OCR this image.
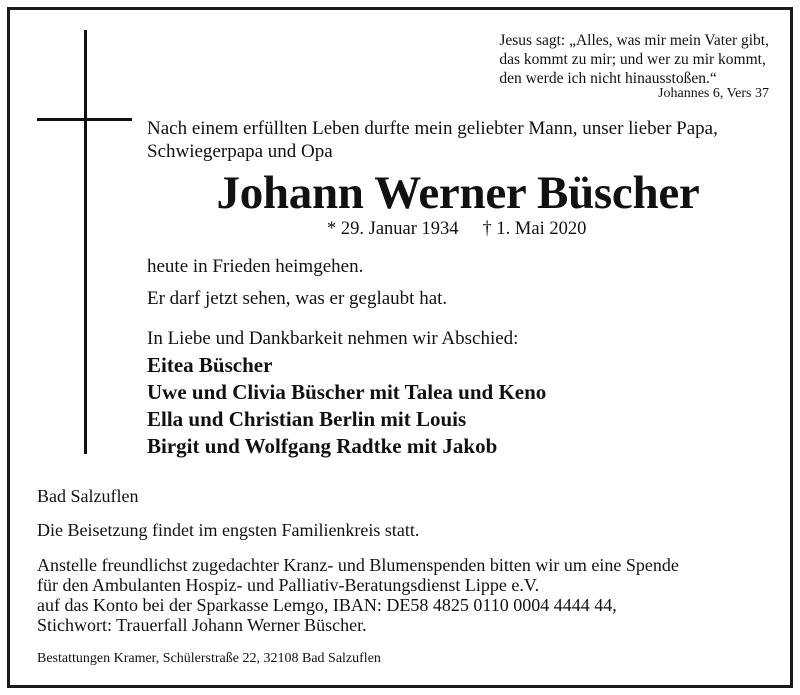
Jesus sagt: „Alles, was mir mein Vater gibt,
das kommt zu mir; und wer zu mir kommt,
den werde ich nicht hinausstoßen.“
Johannes 6, Vers 37
Nach einem erfüllten Leben durfte mein geliebter Mann, unser lieber Papa,
Schwiegerpapa und Opa
Johann Werner Büscher
* 29. Januar 1934 † 1. Mai 2020
heute in Frieden heimgehen.
Er darf jetzt sehen, was er geglaubt hat.
In Liebe und Dankbarkeit nehmen wir Abschied:
Eitea Büscher
Uwe und Clivia Büscher mit Talea und Keno
Ella und Christian Berlin mit Louis
Birgit und Wolfgang Radtke mit Jakob
Bad Salzuflen
Die Beisetzung findet im engsten Familienkreis statt.
Anstelle freundlichst zugedachter Kranz- und Blumenspenden bitten wir um eine Spende
für den Ambulanten Hospiz- und Palliativ-Beratungsdienst Lippe e.V.
auf das Konto bei der Sparkasse Lemgo, IBAN: DE58 4825 0110 0004 4444 44,
Stichwort: Trauerfall Johann Werner Büscher.
Bestattungen Kramer, Schülerstraße 22, 32108 Bad Salzuflen
